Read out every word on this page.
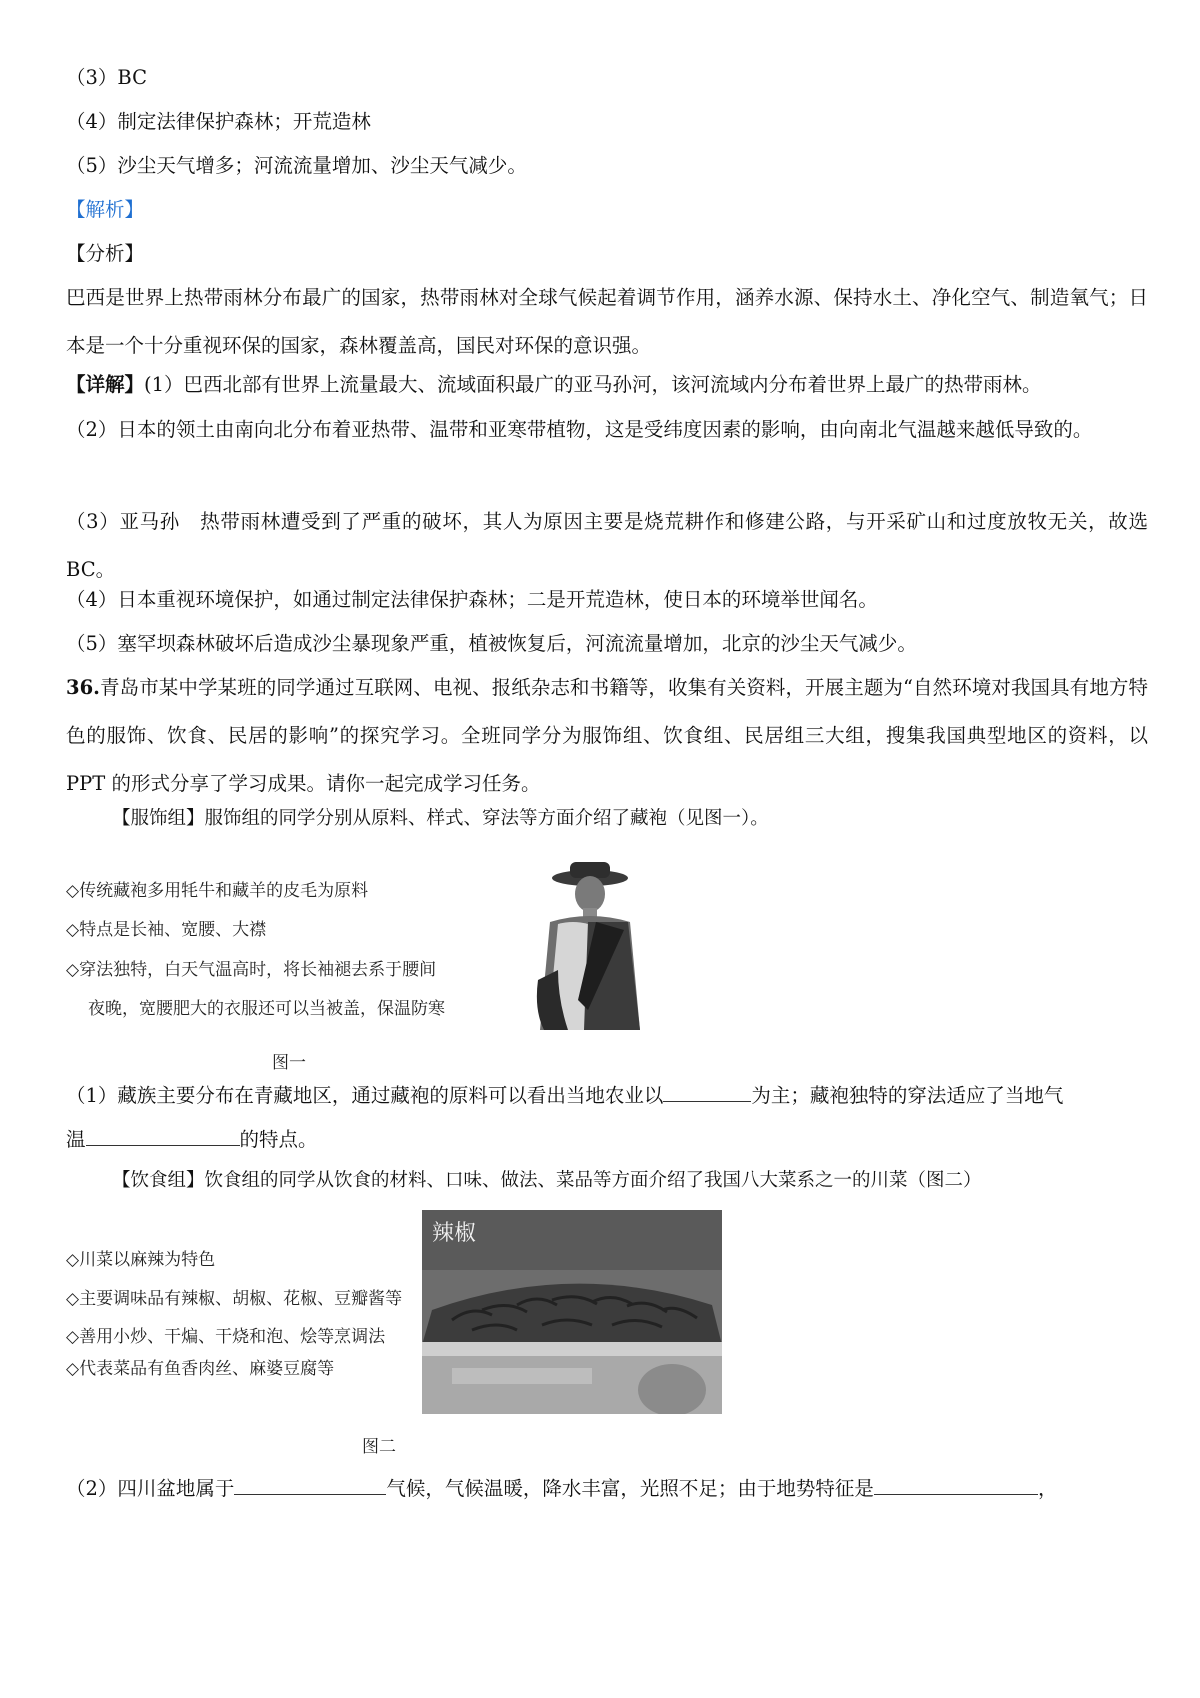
（3）BC
（4）制定法律保护森林；开荒造林
（5）沙尘天气增多；河流流量增加、沙尘天气减少。
【解析】
【分析】
巴西是世界上热带雨林分布最广的国家，热带雨林对全球气候起着调节作用，涵养水源、保持水土、净化空气、制造氧气；日本是一个十分重视环保的国家，森林覆盖高，国民对环保的意识强。
【详解】(1）巴西北部有世界上流量最大、流域面积最广的亚马孙河，该河流域内分布着世界上最广的热带雨林。
（2）日本的领土由南向北分布着亚热带、温带和亚寒带植物，这是受纬度因素的影响，由向南北气温越来越低导致的。
（3）亚马孙　热带雨林遭受到了严重的破坏，其人为原因主要是烧荒耕作和修建公路，与开采矿山和过度放牧无关，故选 BC。
（4）日本重视环境保护，如通过制定法律保护森林；二是开荒造林，使日本的环境举世闻名。
（5）塞罕坝森林破坏后造成沙尘暴现象严重，植被恢复后，河流流量增加，北京的沙尘天气减少。
36.青岛市某中学某班的同学通过互联网、电视、报纸杂志和书籍等，收集有关资料，开展主题为“自然环境对我国具有地方特色的服饰、饮食、民居的影响”的探究学习。全班同学分为服饰组、饮食组、民居组三大组，搜集我国典型地区的资料，以 PPT 的形式分享了学习成果。请你一起完成学习任务。
【服饰组】服饰组的同学分别从原料、样式、穿法等方面介绍了藏袍（见图一）。
◇传统藏袍多用牦牛和藏羊的皮毛为原料
◇特点是长袖、宽腰、大襟
◇穿法独特，白天气温高时，将长袖褪去系于腰间
夜晚，宽腰肥大的衣服还可以当被盖，保温防寒
图一
（1）藏族主要分布在青藏地区，通过藏袍的原料可以看出当地农业以	为主；藏袍独特的穿法适应了当地气
温	的特点。
【饮食组】饮食组的同学从饮食的材料、口味、做法、菜品等方面介绍了我国八大菜系之一的川菜（图二）
◇川菜以麻辣为特色
◇主要调味品有辣椒、胡椒、花椒、豆瓣酱等
◇善用小炒、干煸、干烧和泡、烩等烹调法
◇代表菜品有鱼香肉丝、麻婆豆腐等
辣椒
图二
（2）四川盆地属于	气候，气候温暖，降水丰富，光照不足；由于地势特征是	，
